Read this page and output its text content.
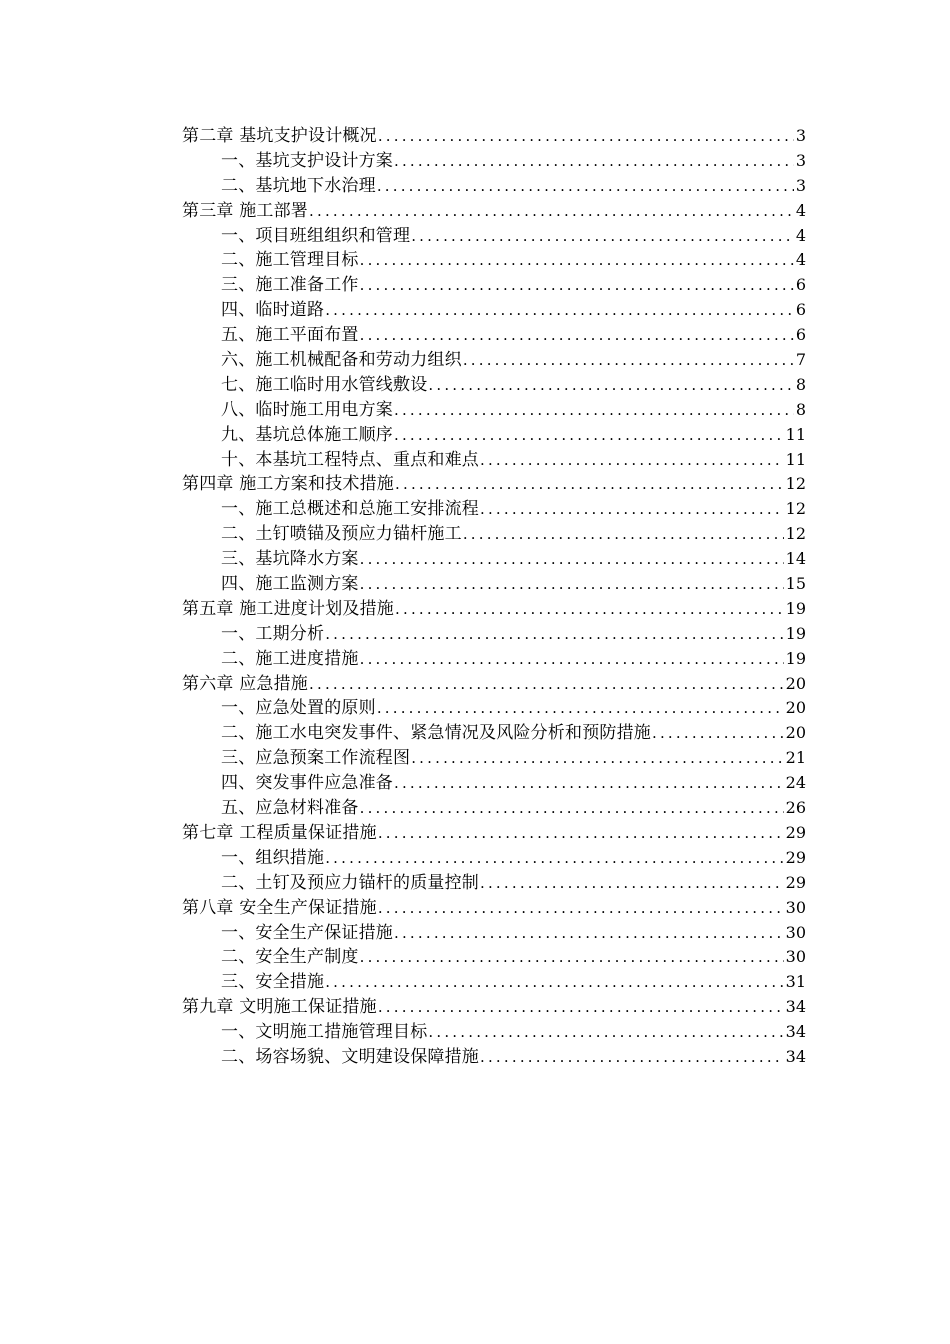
第二章 基坑支护设计概况 .....	3
一、基坑支护设计方案 .....	3
二、基坑地下水治理 .....	3
第三章 施工部署 .....	4
一、项目班组组织和管理 .....	4
二、施工管理目标 .....	4
三、施工准备工作 .....	6
四、临时道路 .....	6
五、施工平面布置 .....	6
六、施工机械配备和劳动力组织 .....	7
七、施工临时用水管线敷设 .....	8
八、临时施工用电方案 .....	8
九、基坑总体施工顺序 .....	11
十、本基坑工程特点、重点和难点 .....	11
第四章 施工方案和技术措施 .....	12
一、施工总概述和总施工安排流程 .....	12
二、土钉喷锚及预应力锚杆施工 .....	12
三、基坑降水方案 .....	14
四、施工监测方案 .....	15
第五章 施工进度计划及措施 .....	19
一、工期分析 .....	19
二、施工进度措施 .....	19
第六章 应急措施 .....	20
一、应急处置的原则 .....	20
二、施工水电突发事件、紧急情况及风险分析和预防措施 .....	20
三、应急预案工作流程图 .....	21
四、突发事件应急准备 .....	24
五、应急材料准备 .....	26
第七章 工程质量保证措施 .....	29
一、组织措施 .....	29
二、土钉及预应力锚杆的质量控制 .....	29
第八章 安全生产保证措施 .....	30
一、安全生产保证措施 .....	30
二、安全生产制度 .....	30
三、安全措施 .....	31
第九章 文明施工保证措施 .....	34
一、文明施工措施管理目标 .....	34
二、场容场貌、文明建设保障措施 .....	34
